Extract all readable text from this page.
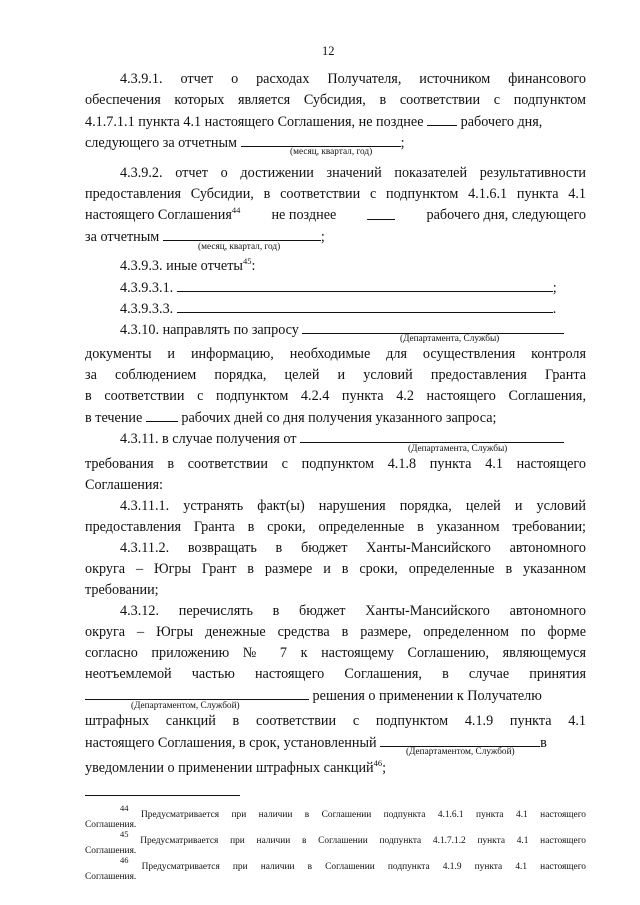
12
4.3.9.1. отчет о расходах Получателя, источником финансового
обеспечения которых является Субсидия, в соответствии с подпунктом
4.1.7.1.1 пункта 4.1 настоящего Соглашения, не позднее	рабочего дня,
следующего за отчетным	;
(месяц, квартал, год)
4.3.9.2. отчет о достижении значений показателей результативности
предоставления Субсидии, в соответствии с подпунктом 4.1.6.1 пункта 4.1
настоящего Соглашения$^{44}$ не позднее	рабочего дня, следующего
за отчетным	;
(месяц, квартал, год)
4.3.9.3. иные отчеты$^{45}$:
4.3.9.3.1.	;
4.3.9.3.3.	.
4.3.10. направлять по запросу
(Департамента, Службы)
документы и информацию, необходимые для осуществления контроля
за соблюдением порядка, целей и условий предоставления Гранта
в соответствии с подпунктом 4.2.4 пункта 4.2 настоящего Соглашения,
в течение	рабочих дней со дня получения указанного запроса;
4.3.11. в случае получения от
(Департамента, Службы)
требования в соответствии с подпунктом 4.1.8 пункта 4.1 настоящего
Соглашения:
4.3.11.1. устранять факт(ы) нарушения порядка, целей и условий
предоставления Гранта в сроки, определенные в указанном требовании;
4.3.11.2. возвращать в бюджет Ханты-Мансийского автономного
округа – Югры Грант в размере и в сроки, определенные в указанном
требовании;
4.3.12. перечислять в бюджет Ханты-Мансийского автономного
округа – Югры денежные средства в размере, определенном по форме
согласно приложению № 7 к настоящему Соглашению, являющемуся
неотъемлемой частью настоящего Соглашения, в случае принятия
решения о применении к Получателю
(Департаментом, Службой)
штрафных санкций в соответствии с подпунктом 4.1.9 пункта 4.1
настоящего Соглашения, в срок, установленный	в
(Департаментом, Службой)
уведомлении о применении штрафных санкций$^{46}$;
$^{44}$ Предусматривается при наличии в Соглашении подпункта 4.1.6.1 пункта 4.1 настоящего
Соглашения.
$^{45}$ Предусматривается при наличии в Соглашении подпункта 4.1.7.1.2 пункта 4.1 настоящего
Соглашения.
$^{46}$ Предусматривается при наличии в Соглашении подпункта 4.1.9 пункта 4.1 настоящего
Соглашения.
